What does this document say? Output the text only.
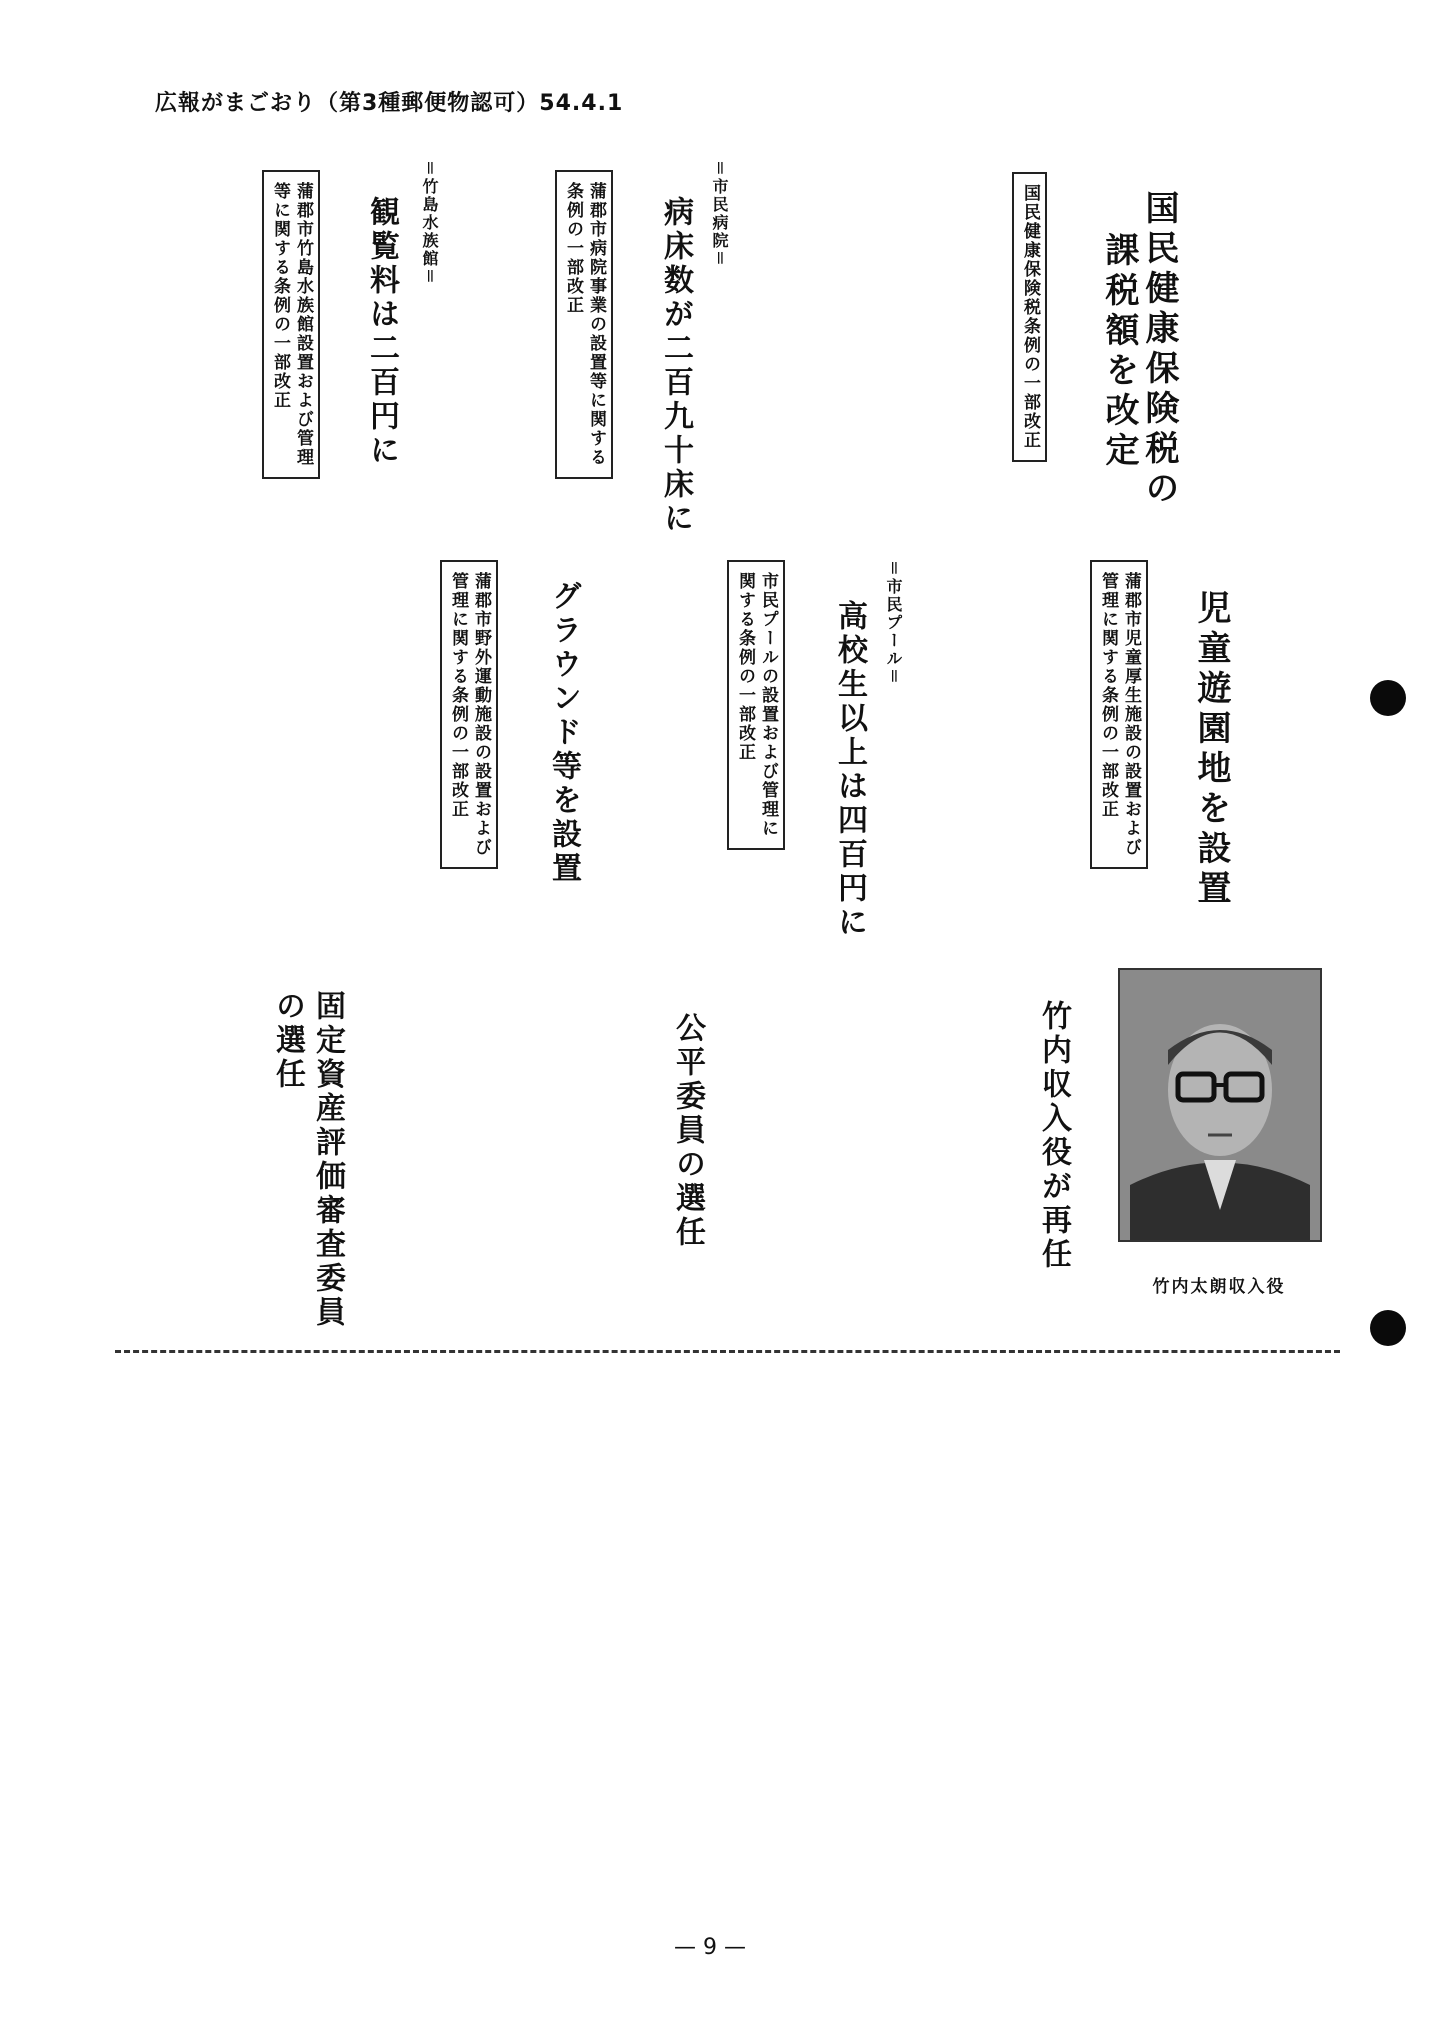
広報がまごおり（第3種郵便物認可）54.4.1
国民健康保険税の
課税額を改定
国民健康保険税条例の一部改正
児童遊園地を設置
蒲郡市児童厚生施設の設置および
管理に関する条例の一部改正
＝市民病院＝
病床数が二百九十床に
蒲郡市病院事業の設置等に関する
条例の一部改正
＝市民プール＝
高校生以上は四百円に
市民プールの設置および管理に
関する条例の一部改正
＝竹島水族館＝
観覧料は二百円に
蒲郡市竹島水族館設置および管理
等に関する条例の一部改正
グラウンド等を設置
蒲郡市野外運動施設の設置および
管理に関する条例の一部改正
竹内収入役が再任
竹内太朗収入役
公平委員の選任
固定資産評価審査委員
の選任
— 9 —
